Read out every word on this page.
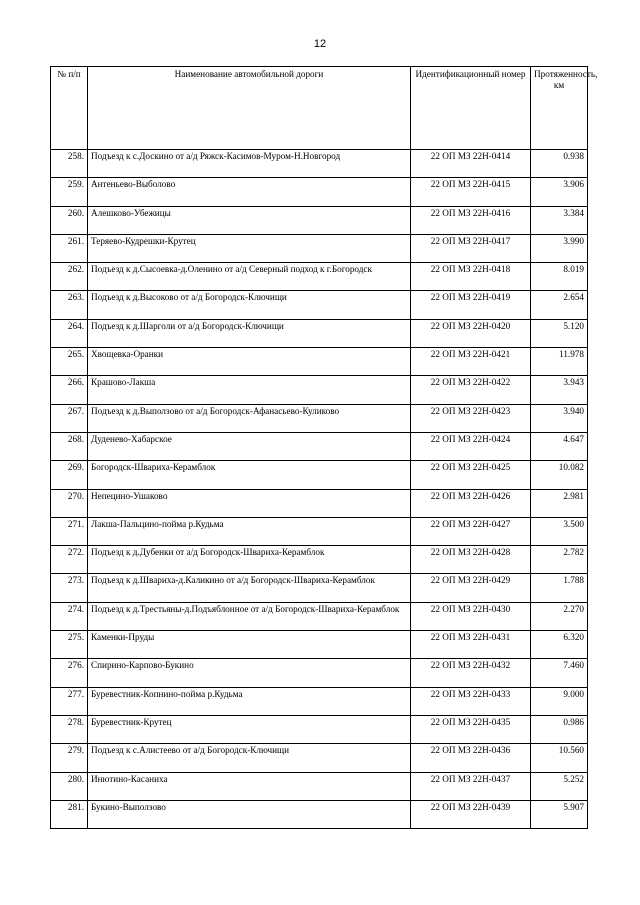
12
№ п/п	Наименование автомобильной дороги	Идентификационный номер	Протяженность, км
258.	Подъезд к с.Доскино от а/д Ряжск-Касимов-Муром-Н.Новгород	22 ОП МЗ 22Н-0414	0.938
259.	Антеньево-Выболово	22 ОП МЗ 22Н-0415	3.906
260.	Алешково-Убежицы	22 ОП МЗ 22Н-0416	3.384
261.	Теряево-Кудрешки-Крутец	22 ОП МЗ 22Н-0417	3.990
262.	Подъезд к д.Сысоевка-д.Оленино от а/д Северный подход к г.Богородск	22 ОП МЗ 22Н-0418	8.019
263.	Подъезд к д.Высоково от а/д Богородск-Ключищи	22 ОП МЗ 22Н-0419	2.654
264.	Подъезд к д.Шарголи от а/д Богородск-Ключищи	22 ОП МЗ 22Н-0420	5.120
265.	Хвощевка-Оранки	22 ОП МЗ 22Н-0421	11.978
266.	Крашово-Лакша	22 ОП МЗ 22Н-0422	3.943
267.	Подъезд к д.Выползово от а/д Богородск-Афанасьево-Куликово	22 ОП МЗ 22Н-0423	3.940
268.	Дуденево-Хабарское	22 ОП МЗ 22Н-0424	4.647
269.	Богородск-Швариха-Керамблок	22 ОП МЗ 22Н-0425	10.082
270.	Непецино-Ушаково	22 ОП МЗ 22Н-0426	2.981
271.	Лакша-Пальцино-пойма р.Кудьма	22 ОП МЗ 22Н-0427	3.500
272.	Подъезд к д.Дубенки от а/д Богородск-Швариха-Керамблок	22 ОП МЗ 22Н-0428	2.782
273.	Подъезд к д.Швариха-д.Каликино от а/д Богородск-Швариха-Керамблок	22 ОП МЗ 22Н-0429	1.788
274.	Подъезд к д.Трестьяны-д.Подъяблонное от а/д Богородск-Швариха-Керамблок	22 ОП МЗ 22Н-0430	2.270
275.	Каменки-Пруды	22 ОП МЗ 22Н-0431	6.320
276.	Спирино-Карпово-Букино	22 ОП МЗ 22Н-0432	7.460
277.	Буревестник-Копнино-пойма р.Кудьма	22 ОП МЗ 22Н-0433	9.000
278.	Буревестник-Крутец	22 ОП МЗ 22Н-0435	0.986
279.	Подъезд к с.Алистеево от а/д Богородск-Ключищи	22 ОП МЗ 22Н-0436	10.560
280.	Инютино-Касаниха	22 ОП МЗ 22Н-0437	5.252
281.	Букино-Выползово	22 ОП МЗ 22Н-0439	5.907
